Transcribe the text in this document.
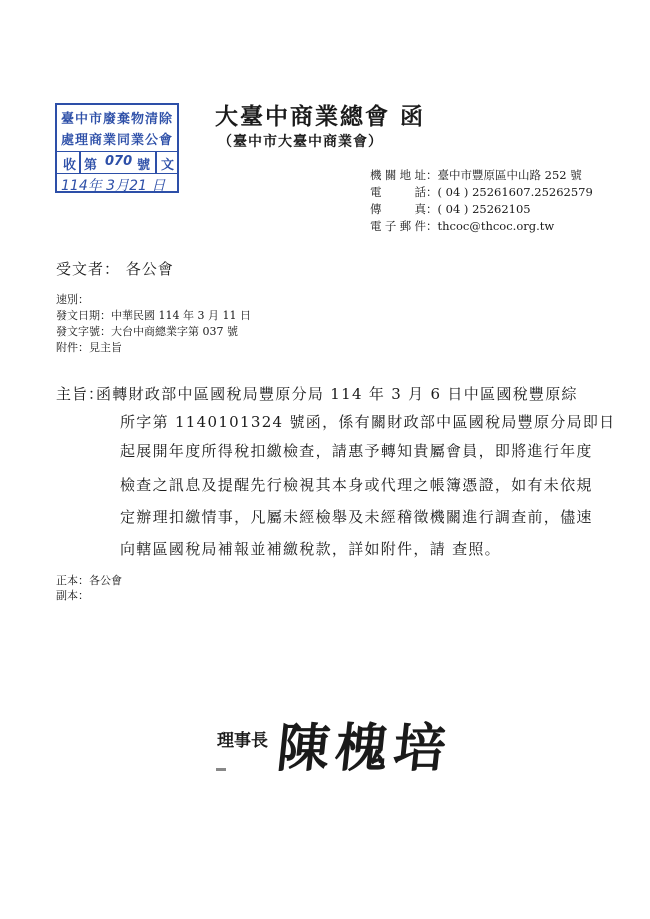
臺中市廢棄物清除
處理商業同業公會
收 第 070 號 文
114年 3月21 日
大臺中商業總會 函
（臺中市大臺中商業會）
機關地址：臺中市豐原區中山路 252 號
電話：( 04 ) 25261607.25262579
傳真：( 04 ) 25262105
電子郵件：thcoc@thcoc.org.tw
受文者： 各公會
速別：
發文日期：中華民國 114 年 3 月 11 日
發文字號：大台中商總業字第 037 號
附件：見主旨
主旨：
函轉財政部中區國稅局豐原分局 114 年 3 月 6 日中區國稅豐原綜
所字第 1140101324 號函，係有關財政部中區國稅局豐原分局即日
起展開年度所得稅扣繳檢查，請惠予轉知貴屬會員，即將進行年度
檢查之訊息及提醒先行檢視其本身或代理之帳簿憑證，如有未依規
定辦理扣繳情事，凡屬未經檢舉及未經稽徵機關進行調查前，儘速
向轄區國稅局補報並補繳稅款，詳如附件，請 查照。
正本：各公會
副本：
理事長 陳槐培
